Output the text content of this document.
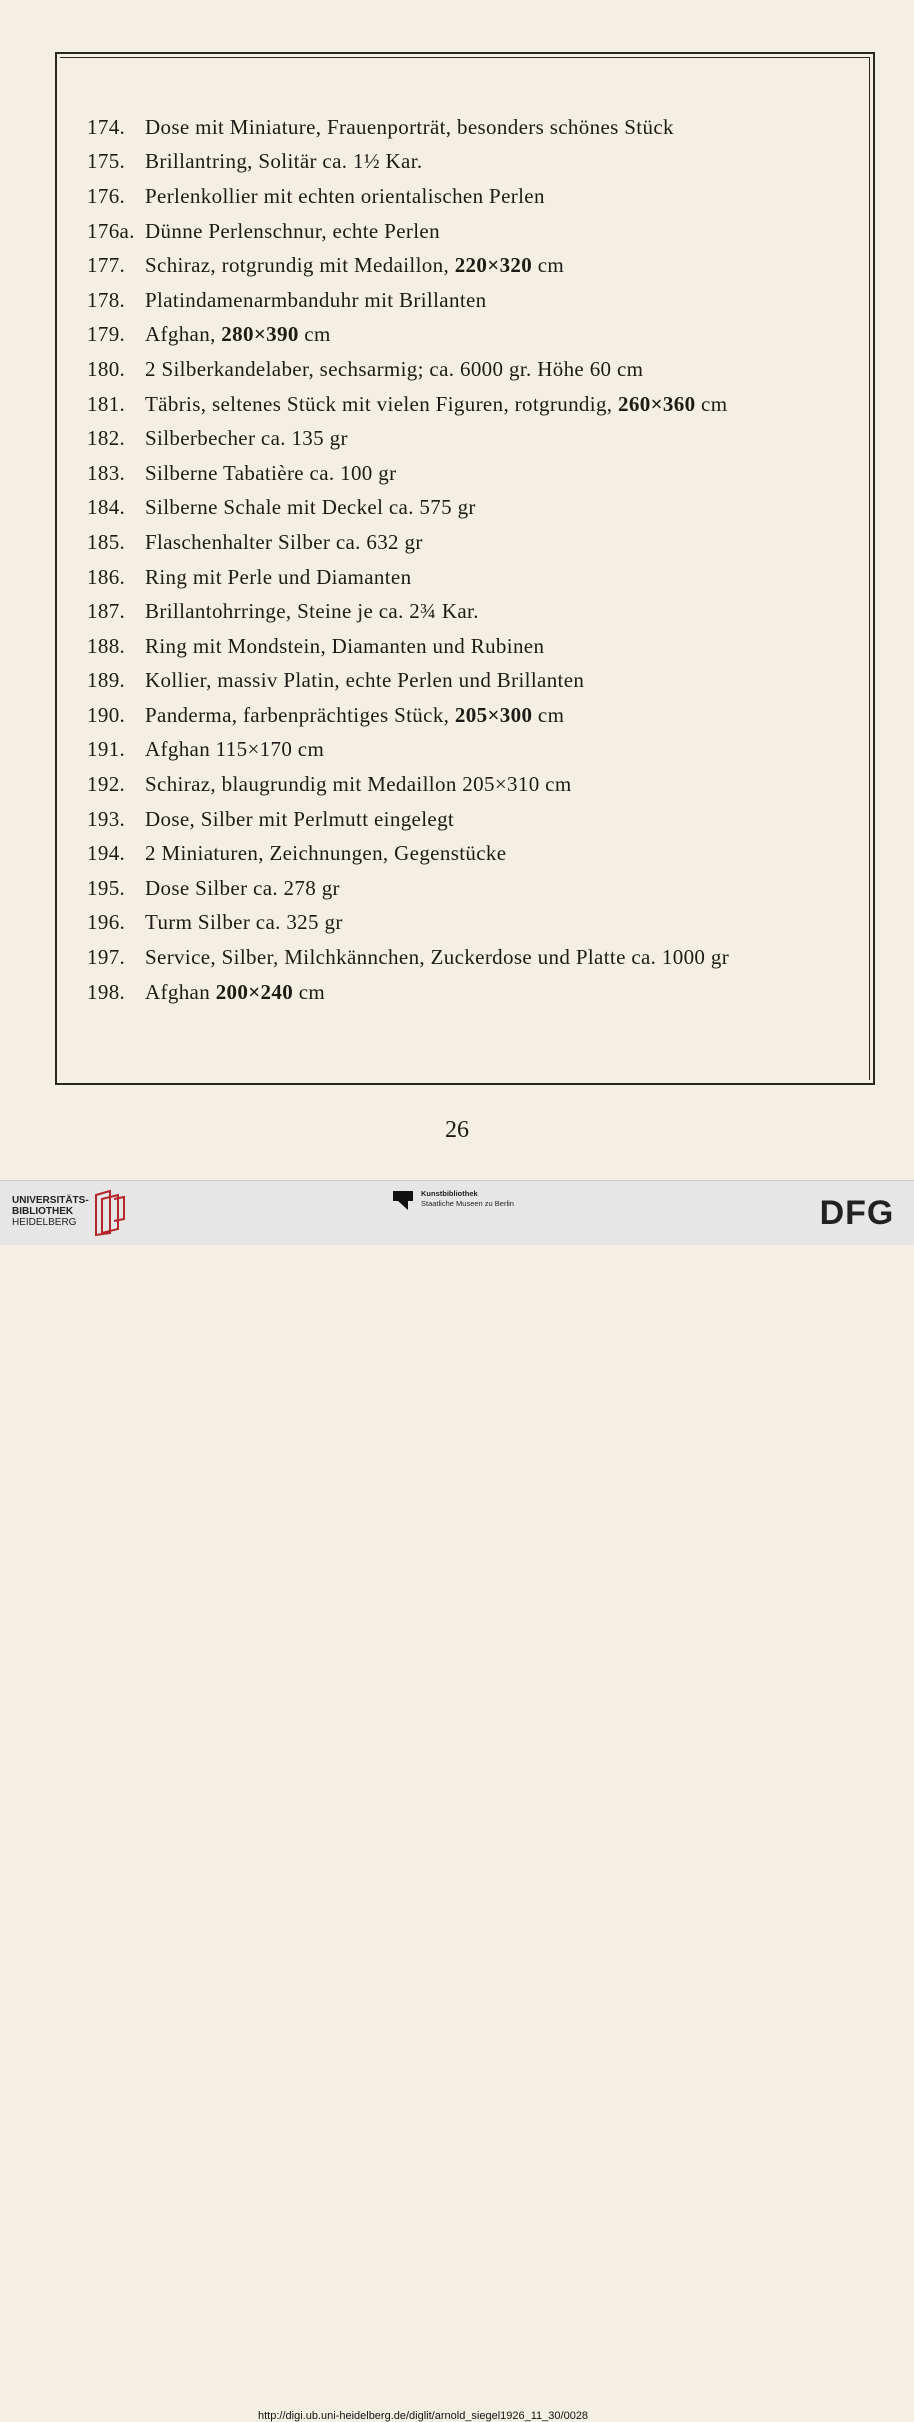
174. Dose mit Miniature, Frauenporträt, besonders schönes Stück
175. Brillantring, Solitär ca. 1½ Kar.
176. Perlenkollier mit echten orientalischen Perlen
176a. Dünne Perlenschnur, echte Perlen
177. Schiraz, rotgrundig mit Medaillon, 220×320 cm
178. Platindamenarmbanduhr mit Brillanten
179. Afghan, 280×390 cm
180. 2 Silberkandelaber, sechsarmig; ca. 6000 gr. Höhe 60 cm
181. Täbris, seltenes Stück mit vielen Figuren, rotgrundig, 260×360 cm
182. Silberbecher ca. 135 gr
183. Silberne Tabatière ca. 100 gr
184. Silberne Schale mit Deckel ca. 575 gr
185. Flaschenhalter Silber ca. 632 gr
186. Ring mit Perle und Diamanten
187. Brillantohrringe, Steine je ca. 2¾ Kar.
188. Ring mit Mondstein, Diamanten und Rubinen
189. Kollier, massiv Platin, echte Perlen und Brillanten
190. Panderma, farbenprächtiges Stück, 205×300 cm
191. Afghan 115×170 cm
192. Schiraz, blaugrundig mit Medaillon 205×310 cm
193. Dose, Silber mit Perlmutt eingelegt
194. 2 Miniaturen, Zeichnungen, Gegenstücke
195. Dose Silber ca. 278 gr
196. Turm Silber ca. 325 gr
197. Service, Silber, Milchkännchen, Zuckerdose und Platte ca. 1000 gr
198. Afghan 200×240 cm
26
UNIVERSITÄTS-
BIBLIOTHEK
HEIDELBERG
Kunstbibliothek
Staatliche Museen zu Berlin	DFG
http://digi.ub.uni-heidelberg.de/diglit/arnold_siegel1926_11_30/0028
